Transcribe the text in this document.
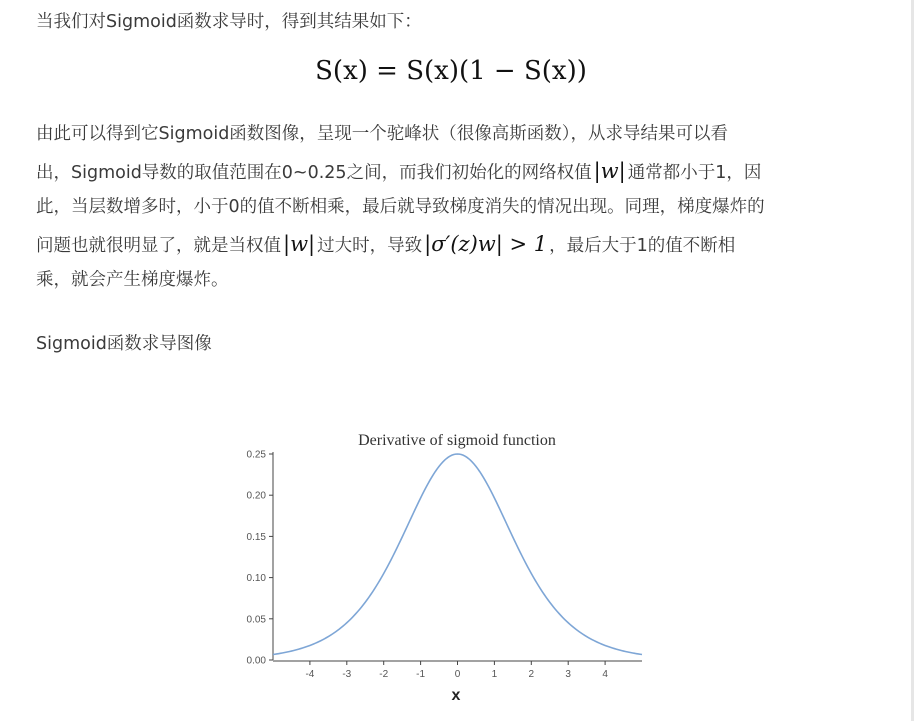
当我们对Sigmoid函数求导时，得到其结果如下：
S(x) = S(x)(1 − S(x))
由此可以得到它Sigmoid函数图像，呈现一个驼峰状（很像高斯函数），从求导结果可以看
出，Sigmoid导数的取值范围在0~0.25之间，而我们初始化的网络权值|w| 通常都小于1，因
此，当层数增多时，小于0的值不断相乘，最后就导致梯度消失的情况出现。同理，梯度爆炸的
问题也就很明显了，就是当权值|w| 过大时，导致|σ′(z)w| > 1 ，最后大于1的值不断相
乘，就会产生梯度爆炸。
Sigmoid函数求导图像
Derivative of sigmoid function
0.00
0.05
0.10
0.15
0.20
0.25
-4	-3	-2	-1	0	1	2	3	4
x
